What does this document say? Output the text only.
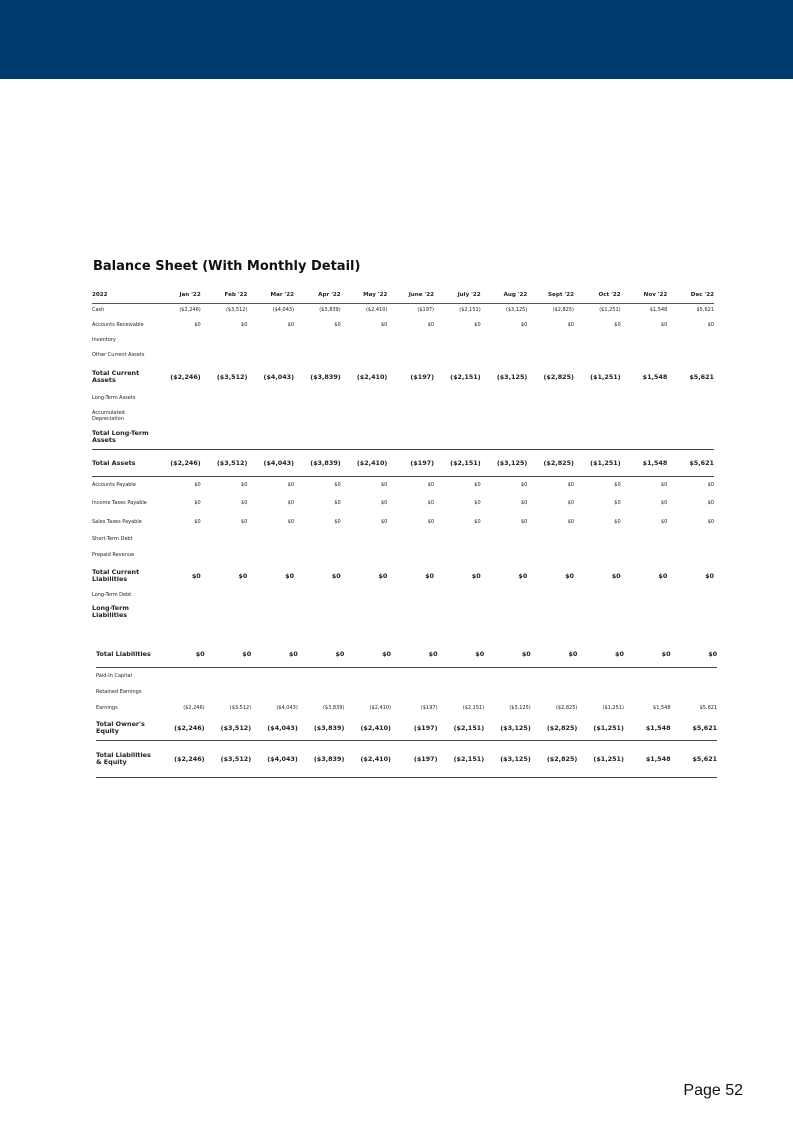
Balance Sheet (With Monthly Detail)
2022	Jan '22	Feb '22	Mar '22	Apr '22	May '22	June '22	July '22	Aug '22	Sept '22	Oct '22	Nov '22	Dec '22
Cash	($2,246)	($3,512)	($4,043)	($3,839)	($2,410)	($197)	($2,151)	($3,125)	($2,825)	($1,251)	$1,548	$5,621
Accounts Receivable	$0	$0	$0	$0	$0	$0	$0	$0	$0	$0	$0	$0
Inventory												
Other Current Assets												
Total Current Assets	($2,246)	($3,512)	($4,043)	($3,839)	($2,410)	($197)	($2,151)	($3,125)	($2,825)	($1,251)	$1,548	$5,621
Long-Term Assets												
Accumulated Depreciation												
Total Long-Term Assets												
Total Assets	($2,246)	($3,512)	($4,043)	($3,839)	($2,410)	($197)	($2,151)	($3,125)	($2,825)	($1,251)	$1,548	$5,621
Accounts Payable	$0	$0	$0	$0	$0	$0	$0	$0	$0	$0	$0	$0
Income Taxes Payable	$0	$0	$0	$0	$0	$0	$0	$0	$0	$0	$0	$0
Sales Taxes Payable	$0	$0	$0	$0	$0	$0	$0	$0	$0	$0	$0	$0
Short-Term Debt												
Prepaid Revenue												
Total Current Liabilities	$0	$0	$0	$0	$0	$0	$0	$0	$0	$0	$0	$0
Long-Term Debt												
Long-Term Liabilities												
Total Liabilities	$0	$0	$0	$0	$0	$0	$0	$0	$0	$0	$0	$0
Paid-In Capital												
Retained Earnings												
Earnings	($2,246)	($3,512)	($4,043)	($3,839)	($2,410)	($197)	($2,151)	($3,125)	($2,825)	($1,251)	$1,548	$5,621
Total Owner's Equity	($2,246)	($3,512)	($4,043)	($3,839)	($2,410)	($197)	($2,151)	($3,125)	($2,825)	($1,251)	$1,548	$5,621
Total Liabilities & Equity	($2,246)	($3,512)	($4,043)	($3,839)	($2,410)	($197)	($2,151)	($3,125)	($2,825)	($1,251)	$1,548	$5,621
Page 52
